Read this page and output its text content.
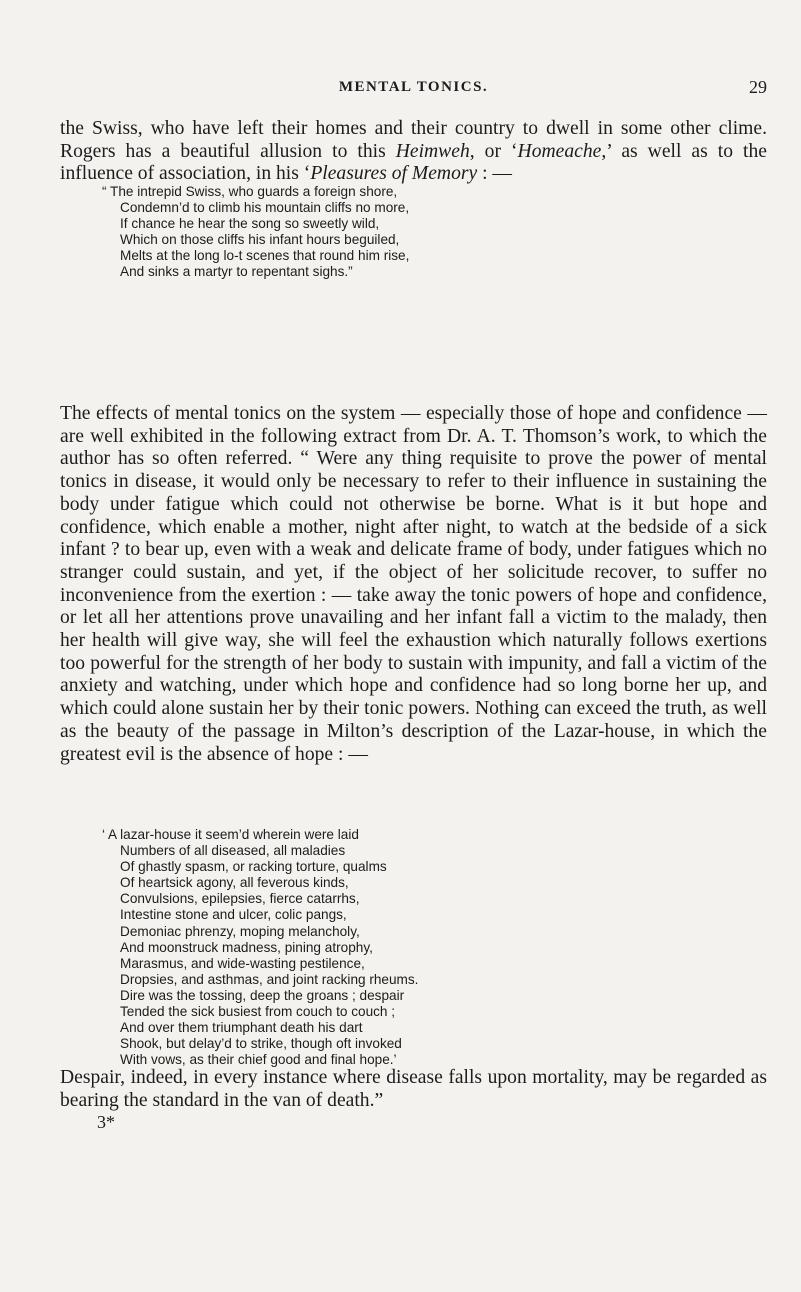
MENTAL TONICS.	29

the Swiss, who have left their homes and their country to dwell in some other clime. Rogers has a beautiful allusion to this Heimweh, or ‘Homeache,’ as well as to the influence of association, in his ‘Pleasures of Memory : —

“ The intrepid Swiss, who guards a foreign shore,
Condemn’d to climb his mountain cliffs no more,
If chance he hear the song so sweetly wild,
Which on those cliffs his infant hours beguiled,
Melts at the long lo-t scenes that round him rise,
And sinks a martyr to repentant sighs.”

The effects of mental tonics on the system — especially those of hope and confidence — are well exhibited in the following extract from Dr. A. T. Thomson’s work, to which the author has so often referred. “ Were any thing requisite to prove the power of mental tonics in disease, it would only be necessary to refer to their influence in sustaining the body under fatigue which could not otherwise be borne. What is it but hope and confidence, which enable a mother, night after night, to watch at the bedside of a sick infant ? to bear up, even with a weak and delicate frame of body, under fatigues which no stranger could sustain, and yet, if the object of her solicitude recover, to suffer no inconvenience from the exertion : — take away the tonic powers of hope and confidence, or let all her attentions prove unavailing and her infant fall a victim to the malady, then her health will give way, she will feel the exhaustion which naturally follows exertions too powerful for the strength of her body to sustain with impunity, and fall a victim of the anxiety and watching, under which hope and confidence had so long borne her up, and which could alone sustain her by their tonic powers. Nothing can exceed the truth, as well as the beauty of the passage in Milton’s description of the Lazar-house, in which the greatest evil is the absence of hope : —

‘ A lazar-house it seem’d wherein were laid
Numbers of all diseased, all maladies
Of ghastly spasm, or racking torture, qualms
Of heartsick agony, all feverous kinds,
Convulsions, epilepsies, fierce catarrhs,
Intestine stone and ulcer, colic pangs,
Demoniac phrenzy, moping melancholy,
And moonstruck madness, pining atrophy,
Marasmus, and wide-wasting pestilence,
Dropsies, and asthmas, and joint racking rheums.
Dire was the tossing, deep the groans ; despair
Tended the sick busiest from couch to couch ;
And over them triumphant death his dart
Shook, but delay’d to strike, though oft invoked
With vows, as their chief good and final hope.’

Despair, indeed, in every instance where disease falls upon mortality, may be regarded as bearing the standard in the van of death.”

3*
